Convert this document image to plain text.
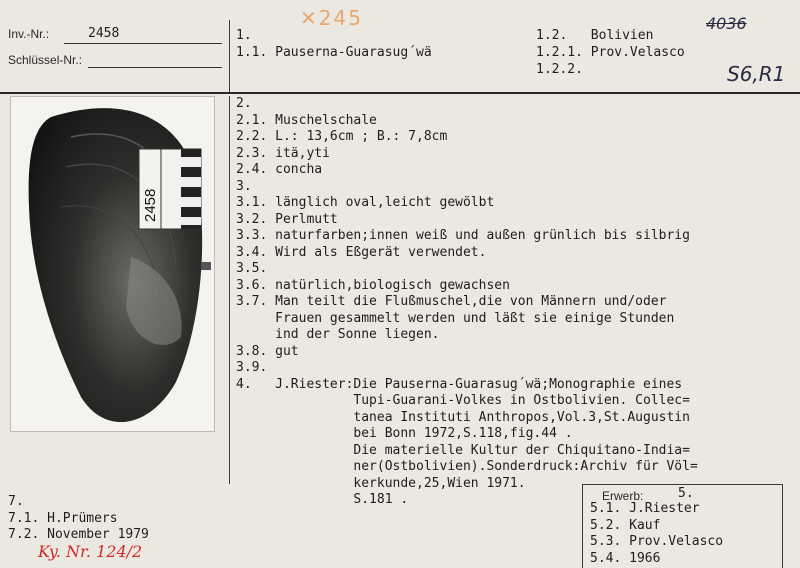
Inv.-Nr.:	2458
Schlüssel-Nr.:
✕245	4036
S6,R1
Ky. Nr. 124/2
1.
1.1. Pauserna-Guarasug´wä
1.2.   Bolivien
1.2.1. Prov.Velasco
1.2.2.
2458
2.
2.1. Muschelschale
2.2. L.: 13,6cm ; B.: 7,8cm
2.3. itä,yti
2.4. concha
3.
3.1. länglich oval,leicht gewölbt
3.2. Perlmutt
3.3. naturfarben;innen weiß und außen grünlich bis silbrig
3.4. Wird als Eßgerät verwendet.
3.5.
3.6. natürlich,biologisch gewachsen
3.7. Man teilt die Flußmuschel,die von Männern und/oder
Frauen gesammelt werden und läßt sie einige Stunden
ind der Sonne liegen.
3.8. gut
3.9.
4.   J.Riester:Die Pauserna-Guarasug´wä;Monographie eines
Tupi-Guarani-Volkes in Ostbolivien. Collec=
tanea Instituti Anthropos,Vol.3,St.Augustin
bei Bonn 1972,S.118,fig.44 .
Die materielle Kultur der Chiquitano-India=
ner(Ostbolivien).Sonderdruck:Archiv für Völ=
kerkunde,25,Wien 1971.
S.181 .
7.
7.1. H.Prümers
7.2. November 1979
Erwerb:	5.
5.1. J.Riester
5.2. Kauf
5.3. Prov.Velasco
5.4. 1966
